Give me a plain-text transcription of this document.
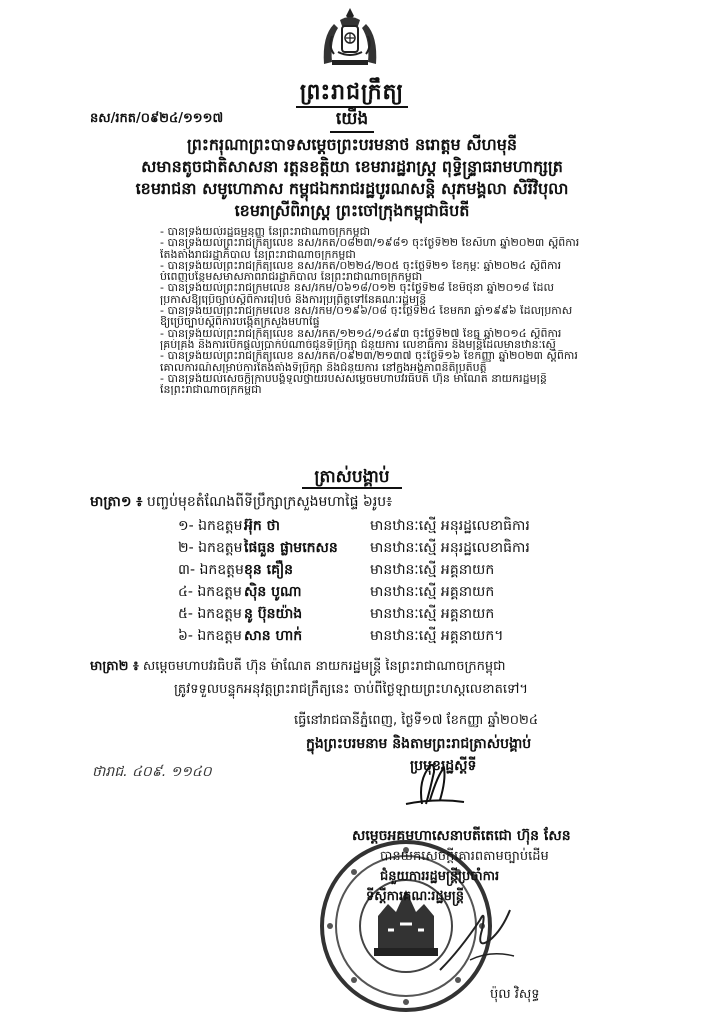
ព្រះរាជក្រឹត្យ
នស/រកត/០៩២៤/១១១៧	យើង
ព្រះករុណាព្រះបាទសម្តេចព្រះបរមនាថ នរោត្តម សីហមុនី
សមានតូចជាតិសាសនា រត្តនខត្តិយា ខេមរារដ្ឋរាស្ត្រ ពុទ្ធិន្ទ្រាធរាមហាក្សត្រ
ខេមរាជនា សមូហោភាស កម្ពុជឯករាជរដ្ឋបូរណសន្តិ សុភមង្គលា សិរីវិបុលា
ខេមរាស្រីពិរាស្ត្រ ព្រះចៅក្រុងកម្ពុជាធិបតី
- បានទ្រង់យល់រដ្ឋធម្មនុញ្ញ នៃព្រះរាជាណាចក្រកម្ពុជា
- បានទ្រង់យល់ព្រះរាជក្រឹត្យលេខ នស/រកត/០៨២៣/១៩៨១ ចុះថ្ងៃទី២២ ខែសីហា ឆ្នាំ២០២៣ ស្តីពីការ
តែងតាំងរាជរដ្ឋាភិបាល នៃព្រះរាជាណាចក្រកម្ពុជា
- បានទ្រង់យល់ព្រះរាជក្រឹត្យលេខ នស/រកត/០២២៤/២០៥ ចុះថ្ងៃទី២១ ខែកុម្ភៈ ឆ្នាំ២០២៤ ស្តីពីការ
បំពេញបន្ថែមសមាសភាពរាជរដ្ឋាភិបាល នៃព្រះរាជាណាចក្រកម្ពុជា
- បានទ្រង់យល់ព្រះរាជក្រមលេខ នស/រកម/០៦១៨/០១២ ចុះថ្ងៃទី២៨ ខែមិថុនា ឆ្នាំ២០១៨ ដែល
ប្រកាសឱ្យប្រើច្បាប់ស្តីពីការរៀបចំ និងការប្រព្រឹត្តទៅនៃគណៈរដ្ឋមន្ត្រី
- បានទ្រង់យល់ព្រះរាជក្រមលេខ នស/រកម/០១៩៦/០៨ ចុះថ្ងៃទី២៤ ខែមករា ឆ្នាំ១៩៩៦ ដែលប្រកាស
ឱ្យប្រើច្បាប់ស្តីពីការបង្កើតក្រសួងមហាផ្ទៃ
- បានទ្រង់យល់ព្រះរាជក្រឹត្យលេខ នស/រកត/១២១៤/១៤៩៣ ចុះថ្ងៃទី២៧ ខែធ្នូ ឆ្នាំ២០១៤ ស្តីពីការ
គ្រប់គ្រង និងការបើកផ្តល់ប្រាក់បំណាច់ជូនទីប្រឹក្សា ជំនួយការ លេខាធិការ និងមន្ត្រីដែលមានឋានៈស្មើ
- បានទ្រង់យល់ព្រះរាជក្រឹត្យលេខ នស/រកត/០៩២៣/២១៣៧ ចុះថ្ងៃទី១៦ ខែកញ្ញា ឆ្នាំ២០២៣ ស្តីពីការ
គោលការណ៍សម្រាប់ការតែងតាំងទីប្រឹក្សា និងជំនួយការ នៅក្នុងអង្គភាពនីតិប្រតិបត្តិ
- បានទ្រង់យល់សេចក្តីក្រាបបង្គំទូលថ្វាយរបស់សម្តេចមហាបវរធិបតី ហ៊ុន ម៉ាណែត នាយករដ្ឋមន្ត្រី
នៃព្រះរាជាណាចក្រកម្ពុជា
ត្រាស់បង្គាប់
មាត្រា១ ៖ បញ្ចប់មុខតំណែងពីទីប្រឹក្សាក្រសួងមហាផ្ទៃ ៦រូប៖
១- ឯកឧត្តម អ៊ុក ថា	មានឋានៈស្មើ អនុរដ្ឋលេខាធិការ
២- ឯកឧត្តម ផៃធួន ផ្លាមកេសន មានឋានៈស្មើ អនុរដ្ឋលេខាធិការ
៣- ឯកឧត្តម ខុន គឿន	មានឋានៈស្មើ អគ្គនាយក
៤- ឯកឧត្តម ស៊ិន បូណា	មានឋានៈស្មើ អគ្គនាយក
៥- ឯកឧត្តម នូ ប៊ុនយ៉ាង	មានឋានៈស្មើ អគ្គនាយក
៦- ឯកឧត្តម សាន ហាក់	មានឋានៈស្មើ អគ្គនាយក។
មាត្រា២ ៖ សម្តេចមហាបវរធិបតី ហ៊ុន ម៉ាណែត នាយករដ្ឋមន្ត្រី នៃព្រះរាជាណាចក្រកម្ពុជា
ត្រូវទទួលបន្ទុកអនុវត្តព្រះរាជក្រឹត្យនេះ ចាប់ពីថ្ងៃឡាយព្រះហស្តលេខាតទៅ។
ធ្វើនៅរាជធានីភ្នំពេញ, ថ្ងៃទី១៧ ខែកញ្ញា ឆ្នាំ២០២៤
ក្នុងព្រះបរមនាម និងតាមព្រះរាជត្រាស់បង្គាប់
ប្រមុខរដ្ឋស្តីទី
ថារាជ. ៤០៩. ១១៤០
សម្តេចអគ្គមហាសេនាបតីតេជោ ហ៊ុន សែន
បានយកសេចក្តីគោរពតាមច្បាប់ដើម
ជំនួយការរដ្ឋមន្ត្រីប្រចាំការ
ទីស្តីការគណៈរដ្ឋមន្ត្រី
ប៉ុល វិសុទ្ធ
